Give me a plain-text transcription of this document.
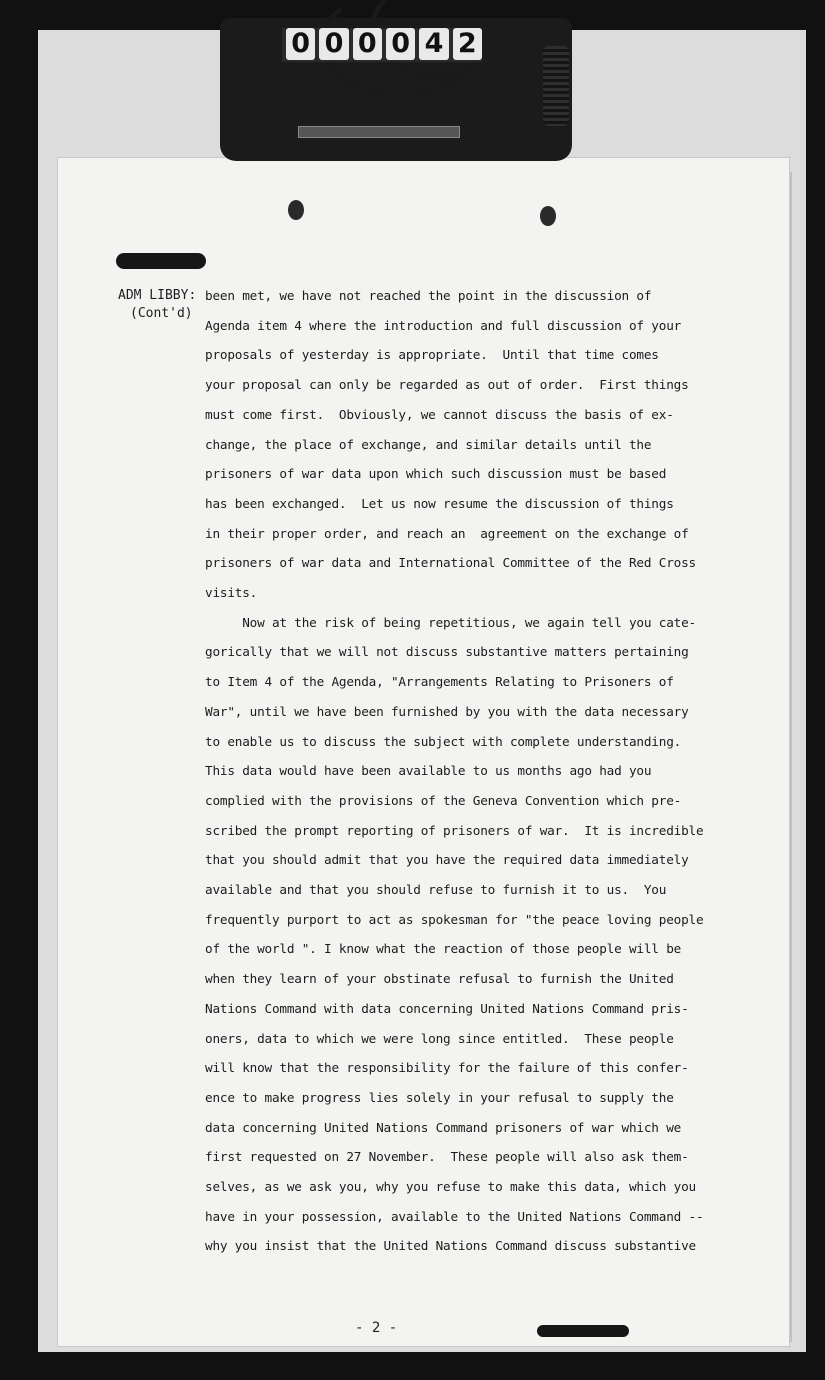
0 0 0 0 4 2
ADM LIBBY:
(Cont'd)
been met, we have not reached the point in the discussion of
Agenda item 4 where the introduction and full discussion of your
proposals of yesterday is appropriate.  Until that time comes
your proposal can only be regarded as out of order.  First things
must come first.  Obviously, we cannot discuss the basis of ex-
change, the place of exchange, and similar details until the
prisoners of war data upon which such discussion must be based
has been exchanged.  Let us now resume the discussion of things
in their proper order, and reach an  agreement on the exchange of
prisoners of war data and International Committee of the Red Cross
visits.
Now at the risk of being repetitious, we again tell you cate-
gorically that we will not discuss substantive matters pertaining
to Item 4 of the Agenda, "Arrangements Relating to Prisoners of
War", until we have been furnished by you with the data necessary
to enable us to discuss the subject with complete understanding.
This data would have been available to us months ago had you
complied with the provisions of the Geneva Convention which pre-
scribed the prompt reporting of prisoners of war.  It is incredible
that you should admit that you have the required data immediately
available and that you should refuse to furnish it to us.  You
frequently purport to act as spokesman for "the peace loving people
of the world ". I know what the reaction of those people will be
when they learn of your obstinate refusal to furnish the United
Nations Command with data concerning United Nations Command pris-
oners, data to which we were long since entitled.  These people
will know that the responsibility for the failure of this confer-
ence to make progress lies solely in your refusal to supply the
data concerning United Nations Command prisoners of war which we
first requested on 27 November.  These people will also ask them-
selves, as we ask you, why you refuse to make this data, which you
have in your possession, available to the United Nations Command --
why you insist that the United Nations Command discuss substantive
- 2 -
